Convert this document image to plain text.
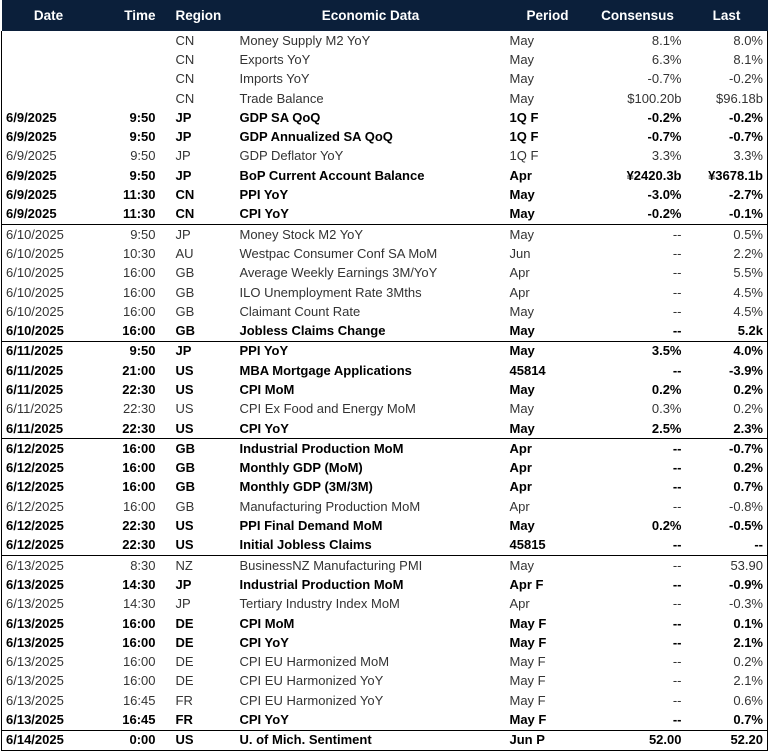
Date	Time	Region	Economic Data	Period	Consensus	Last
		CN	Money Supply M2 YoY	May	8.1%	8.0%
		CN	Exports YoY	May	6.3%	8.1%
		CN	Imports YoY	May	-0.7%	-0.2%
		CN	Trade Balance	May	$100.20b	$96.18b
6/9/2025	9:50	JP	GDP SA QoQ	1Q F	-0.2%	-0.2%
6/9/2025	9:50	JP	GDP Annualized SA QoQ	1Q F	-0.7%	-0.7%
6/9/2025	9:50	JP	GDP Deflator YoY	1Q F	3.3%	3.3%
6/9/2025	9:50	JP	BoP Current Account Balance	Apr	¥2420.3b	¥3678.1b
6/9/2025	11:30	CN	PPI YoY	May	-3.0%	-2.7%
6/9/2025	11:30	CN	CPI YoY	May	-0.2%	-0.1%
6/10/2025	9:50	JP	Money Stock M2 YoY	May	--	0.5%
6/10/2025	10:30	AU	Westpac Consumer Conf SA MoM	Jun	--	2.2%
6/10/2025	16:00	GB	Average Weekly Earnings 3M/YoY	Apr	--	5.5%
6/10/2025	16:00	GB	ILO Unemployment Rate 3Mths	Apr	--	4.5%
6/10/2025	16:00	GB	Claimant Count Rate	May	--	4.5%
6/10/2025	16:00	GB	Jobless Claims Change	May	--	5.2k
6/11/2025	9:50	JP	PPI YoY	May	3.5%	4.0%
6/11/2025	21:00	US	MBA Mortgage Applications	45814	--	-3.9%
6/11/2025	22:30	US	CPI MoM	May	0.2%	0.2%
6/11/2025	22:30	US	CPI Ex Food and Energy MoM	May	0.3%	0.2%
6/11/2025	22:30	US	CPI YoY	May	2.5%	2.3%
6/12/2025	16:00	GB	Industrial Production MoM	Apr	--	-0.7%
6/12/2025	16:00	GB	Monthly GDP (MoM)	Apr	--	0.2%
6/12/2025	16:00	GB	Monthly GDP (3M/3M)	Apr	--	0.7%
6/12/2025	16:00	GB	Manufacturing Production MoM	Apr	--	-0.8%
6/12/2025	22:30	US	PPI Final Demand MoM	May	0.2%	-0.5%
6/12/2025	22:30	US	Initial Jobless Claims	45815	--	--
6/13/2025	8:30	NZ	BusinessNZ Manufacturing PMI	May	--	53.90
6/13/2025	14:30	JP	Industrial Production MoM	Apr F	--	-0.9%
6/13/2025	14:30	JP	Tertiary Industry Index MoM	Apr	--	-0.3%
6/13/2025	16:00	DE	CPI MoM	May F	--	0.1%
6/13/2025	16:00	DE	CPI YoY	May F	--	2.1%
6/13/2025	16:00	DE	CPI EU Harmonized MoM	May F	--	0.2%
6/13/2025	16:00	DE	CPI EU Harmonized YoY	May F	--	2.1%
6/13/2025	16:45	FR	CPI EU Harmonized YoY	May F	--	0.6%
6/13/2025	16:45	FR	CPI YoY	May F	--	0.7%
6/14/2025	0:00	US	U. of Mich. Sentiment	Jun P	52.00	52.20
